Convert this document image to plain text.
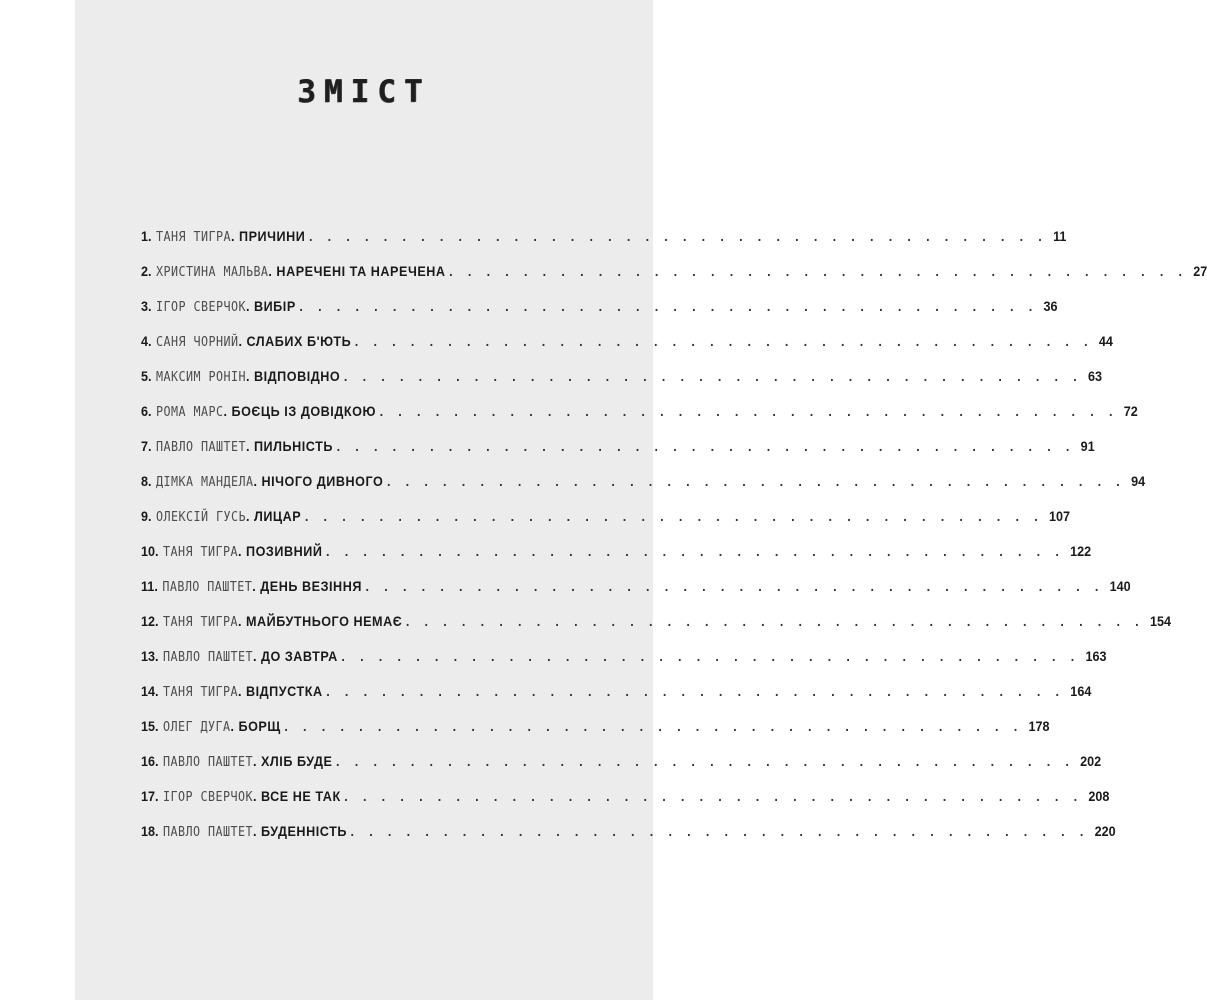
ЗМІСТ
1. ТАНЯ ТИГРА . ПРИЧИНИ . . . . . . . . . . . . . . . . . . . . . . . . . . . . . . . . . . . . . . . . 11
2. ХРИСТИНА МАЛЬВА . НАРЕЧЕНІ ТА НАРЕЧЕНА . . . . . . . . . . . . . . . . . . . . . . . . . . . . . . . . . . . . . . . . 27
3. ІГОР СВЕРЧОК . ВИБІР . . . . . . . . . . . . . . . . . . . . . . . . . . . . . . . . . . . . . . . . 36
4. САНЯ ЧОРНИЙ . СЛАБИХ Б'ЮТЬ . . . . . . . . . . . . . . . . . . . . . . . . . . . . . . . . . . . . . . . . 44
5. МАКСИМ РОНІН . ВІДПОВІДНО . . . . . . . . . . . . . . . . . . . . . . . . . . . . . . . . . . . . . . . . 63
6. РОМА МАРС . БОЄЦЬ ІЗ ДОВІДКОЮ . . . . . . . . . . . . . . . . . . . . . . . . . . . . . . . . . . . . . . . . 72
7. ПАВЛО ПАШТЕТ . ПИЛЬНІСТЬ . . . . . . . . . . . . . . . . . . . . . . . . . . . . . . . . . . . . . . . . 91
8. ДІМКА МАНДЕЛА . НІЧОГО ДИВНОГО . . . . . . . . . . . . . . . . . . . . . . . . . . . . . . . . . . . . . . . . 94
9. ОЛЕКСІЙ ГУСЬ . ЛИЦАР . . . . . . . . . . . . . . . . . . . . . . . . . . . . . . . . . . . . . . . . 107
10. ТАНЯ ТИГРА . ПОЗИВНИЙ . . . . . . . . . . . . . . . . . . . . . . . . . . . . . . . . . . . . . . . . 122
11. ПАВЛО ПАШТЕТ . ДЕНЬ ВЕЗІННЯ . . . . . . . . . . . . . . . . . . . . . . . . . . . . . . . . . . . . . . . . 140
12. ТАНЯ ТИГРА . МАЙБУТНЬОГО НЕМАЄ . . . . . . . . . . . . . . . . . . . . . . . . . . . . . . . . . . . . . . . . 154
13. ПАВЛО ПАШТЕТ . ДО ЗАВТРА . . . . . . . . . . . . . . . . . . . . . . . . . . . . . . . . . . . . . . . . 163
14. ТАНЯ ТИГРА . ВІДПУСТКА . . . . . . . . . . . . . . . . . . . . . . . . . . . . . . . . . . . . . . . . 164
15. ОЛЕГ ДУГА . БОРЩ . . . . . . . . . . . . . . . . . . . . . . . . . . . . . . . . . . . . . . . . 178
16. ПАВЛО ПАШТЕТ . ХЛІБ БУДЕ . . . . . . . . . . . . . . . . . . . . . . . . . . . . . . . . . . . . . . . . 202
17. ІГОР СВЕРЧОК . ВСЕ НЕ ТАК . . . . . . . . . . . . . . . . . . . . . . . . . . . . . . . . . . . . . . . . 208
18. ПАВЛО ПАШТЕТ . БУДЕННІСТЬ . . . . . . . . . . . . . . . . . . . . . . . . . . . . . . . . . . . . . . . . 220
